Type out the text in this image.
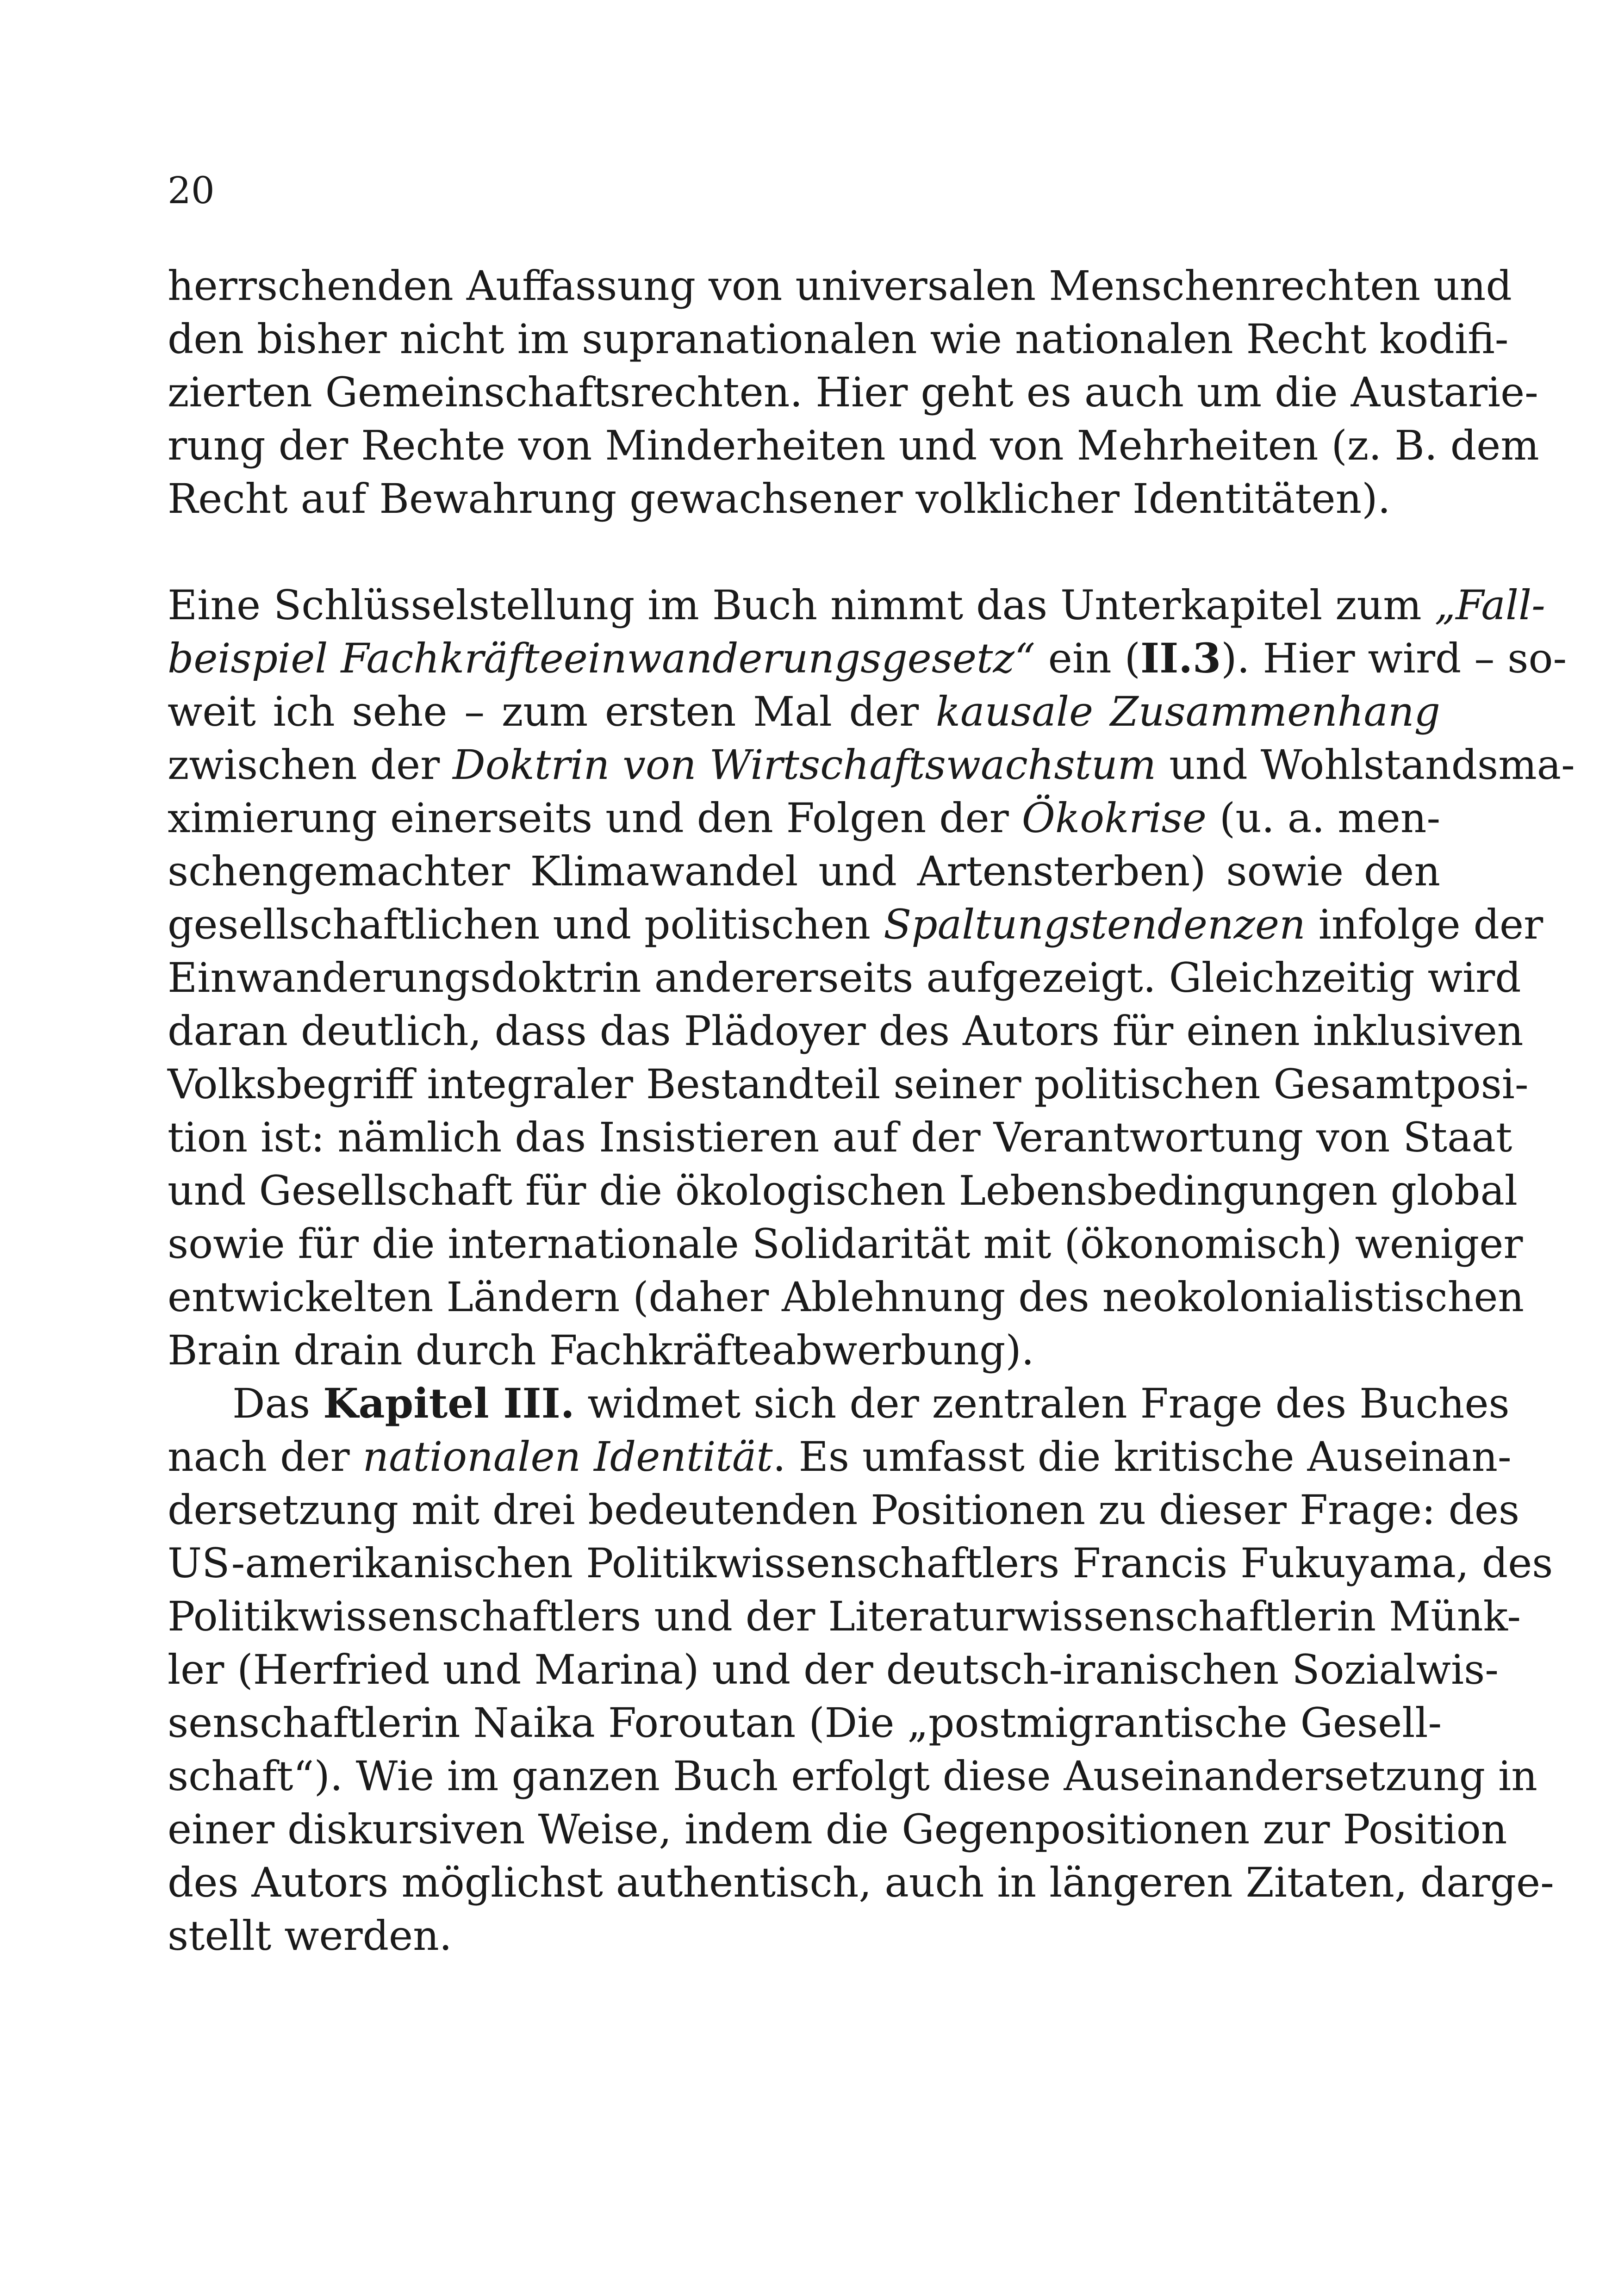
20
herrschenden Auffassung von universalen Menschenrechten und
den bisher nicht im supranationalen wie nationalen Recht kodifi-
zierten Gemeinschaftsrechten. Hier geht es auch um die Austarie-
rung der Rechte von Minderheiten und von Mehrheiten (z. B. dem
Recht auf Bewahrung gewachsener volklicher Identitäten).
Eine Schlüsselstellung im Buch nimmt das Unterkapitel zum „Fall-
beispiel Fachkräfteeinwanderungsgesetz“ ein (II.3). Hier wird – so-
weit ich sehe – zum ersten Mal der kausale Zusammenhang
zwischen der Doktrin von Wirtschaftswachstum und Wohlstandsma-
ximierung einerseits und den Folgen der Ökokrise (u. a. men-
schengemachter Klimawandel und Artensterben) sowie den
gesellschaftlichen und politischen Spaltungstendenzen infolge der
Einwanderungsdoktrin andererseits aufgezeigt. Gleichzeitig wird
daran deutlich, dass das Plädoyer des Autors für einen inklusiven
Volksbegriff integraler Bestandteil seiner politischen Gesamtposi-
tion ist: nämlich das Insistieren auf der Verantwortung von Staat
und Gesellschaft für die ökologischen Lebensbedingungen global
sowie für die internationale Solidarität mit (ökonomisch) weniger
entwickelten Ländern (daher Ablehnung des neokolonialistischen
Brain drain durch Fachkräfteabwerbung).
Das Kapitel III. widmet sich der zentralen Frage des Buches
nach der nationalen Identität. Es umfasst die kritische Auseinan-
dersetzung mit drei bedeutenden Positionen zu dieser Frage: des
US-amerikanischen Politikwissenschaftlers Francis Fukuyama, des
Politikwissenschaftlers und der Literaturwissenschaftlerin Münk-
ler (Herfried und Marina) und der deutsch-iranischen Sozialwis-
senschaftlerin Naika Foroutan (Die „postmigrantische Gesell-
schaft“). Wie im ganzen Buch erfolgt diese Auseinandersetzung in
einer diskursiven Weise, indem die Gegenpositionen zur Position
des Autors möglichst authentisch, auch in längeren Zitaten, darge-
stellt werden.
